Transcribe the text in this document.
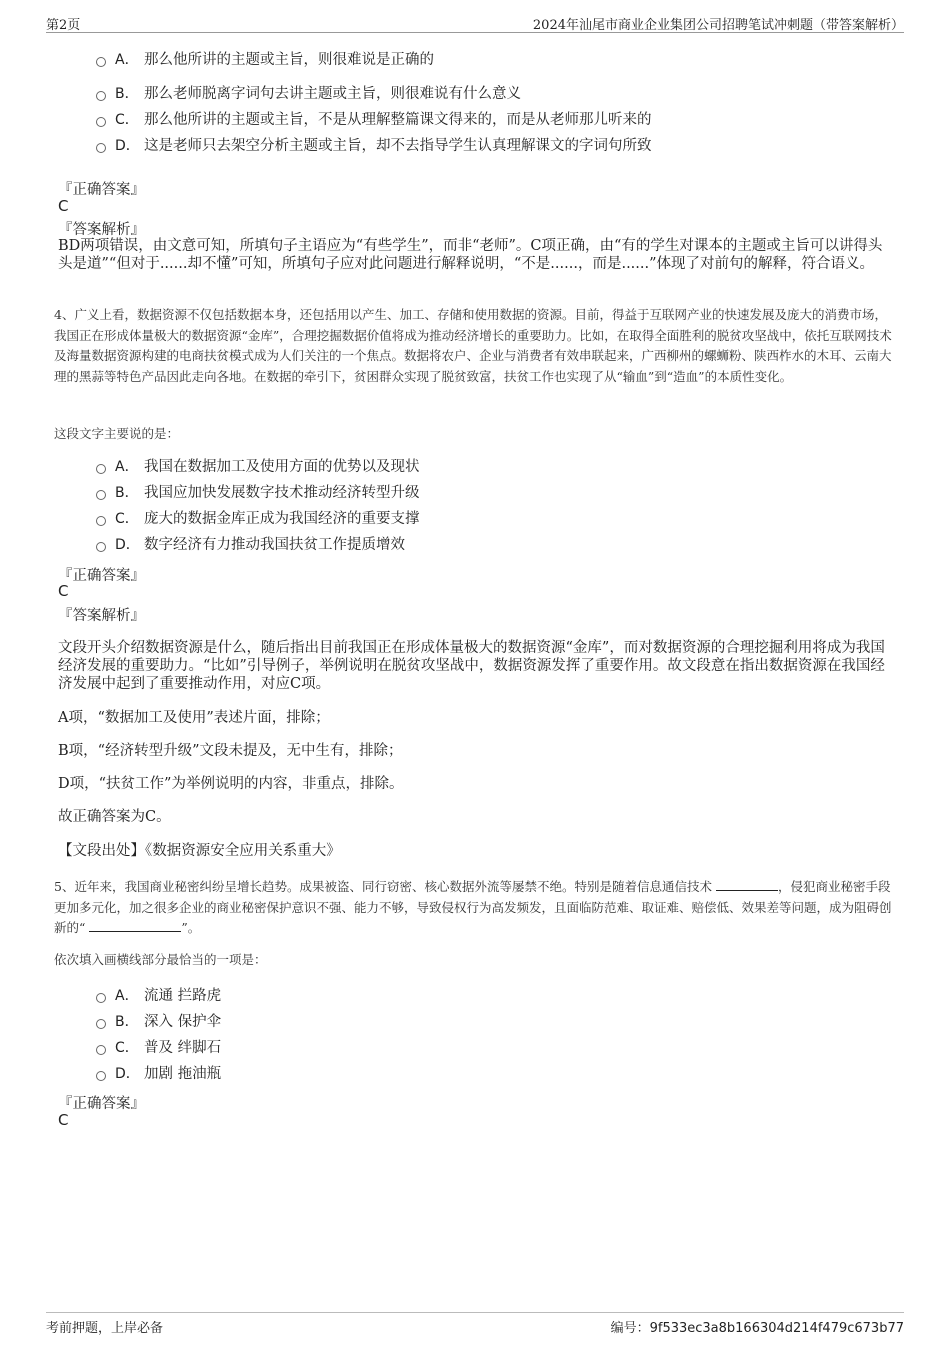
第2页	2024年汕尾市商业企业集团公司招聘笔试冲刺题（带答案解析）
A． 那么他所讲的主题或主旨，则很难说是正确的
B． 那么老师脱离字词句去讲主题或主旨，则很难说有什么意义
C． 那么他所讲的主题或主旨，不是从理解整篇课文得来的，而是从老师那儿听来的
D． 这是老师只去架空分析主题或主旨，却不去指导学生认真理解课文的字词句所致
『正确答案』
C
『答案解析』
BD两项错误，由文意可知，所填句子主语应为“有些学生”，而非“老师”。C项正确，由“有的学生对课本的主题或主旨可以讲得头头是道”“但对于......却不懂”可知，所填句子应对此问题进行解释说明，“不是......，而是......”体现了对前句的解释，符合语义。
4、广义上看，数据资源不仅包括数据本身，还包括用以产生、加工、存储和使用数据的资源。目前，得益于互联网产业的快速发展及庞大的消费市场，我国正在形成体量极大的数据资源“金库”，合理挖掘数据价值将成为推动经济增长的重要助力。比如，在取得全面胜利的脱贫攻坚战中，依托互联网技术及海量数据资源构建的电商扶贫模式成为人们关注的一个焦点。数据将农户、企业与消费者有效串联起来，广西柳州的螺蛳粉、陕西柞水的木耳、云南大理的黑蒜等特色产品因此走向各地。在数据的牵引下，贫困群众实现了脱贫致富，扶贫工作也实现了从“输血”到“造血”的本质性变化。
这段文字主要说的是：
A． 我国在数据加工及使用方面的优势以及现状
B． 我国应加快发展数字技术推动经济转型升级
C． 庞大的数据金库正成为我国经济的重要支撑
D． 数字经济有力推动我国扶贫工作提质增效
『正确答案』
C
『答案解析』
文段开头介绍数据资源是什么，随后指出目前我国正在形成体量极大的数据资源“金库”，而对数据资源的合理挖掘利用将成为我国经济发展的重要助力。“比如”引导例子，举例说明在脱贫攻坚战中，数据资源发挥了重要作用。故文段意在指出数据资源在我国经济发展中起到了重要推动作用，对应C项。
A项，“数据加工及使用”表述片面，排除；
B项，“经济转型升级”文段未提及，无中生有，排除；
D项，“扶贫工作”为举例说明的内容，非重点，排除。
故正确答案为C。
【文段出处】《数据资源安全应用关系重大》
5、近年来，我国商业秘密纠纷呈增长趋势。成果被盗、同行窃密、核心数据外流等屡禁不绝。特别是随着信息通信技术	，侵犯商业秘密手段更加多元化，加之很多企业的商业秘密保护意识不强、能力不够，导致侵权行为高发频发，且面临防范难、取证难、赔偿低、效果差等问题，成为阻碍创新的“	”。
依次填入画横线部分最恰当的一项是：
A． 流通 拦路虎
B． 深入 保护伞
C． 普及 绊脚石
D． 加剧 拖油瓶
『正确答案』
C
考前押题，上岸必备	编号：9f533ec3a8b166304d214f479c673b77
